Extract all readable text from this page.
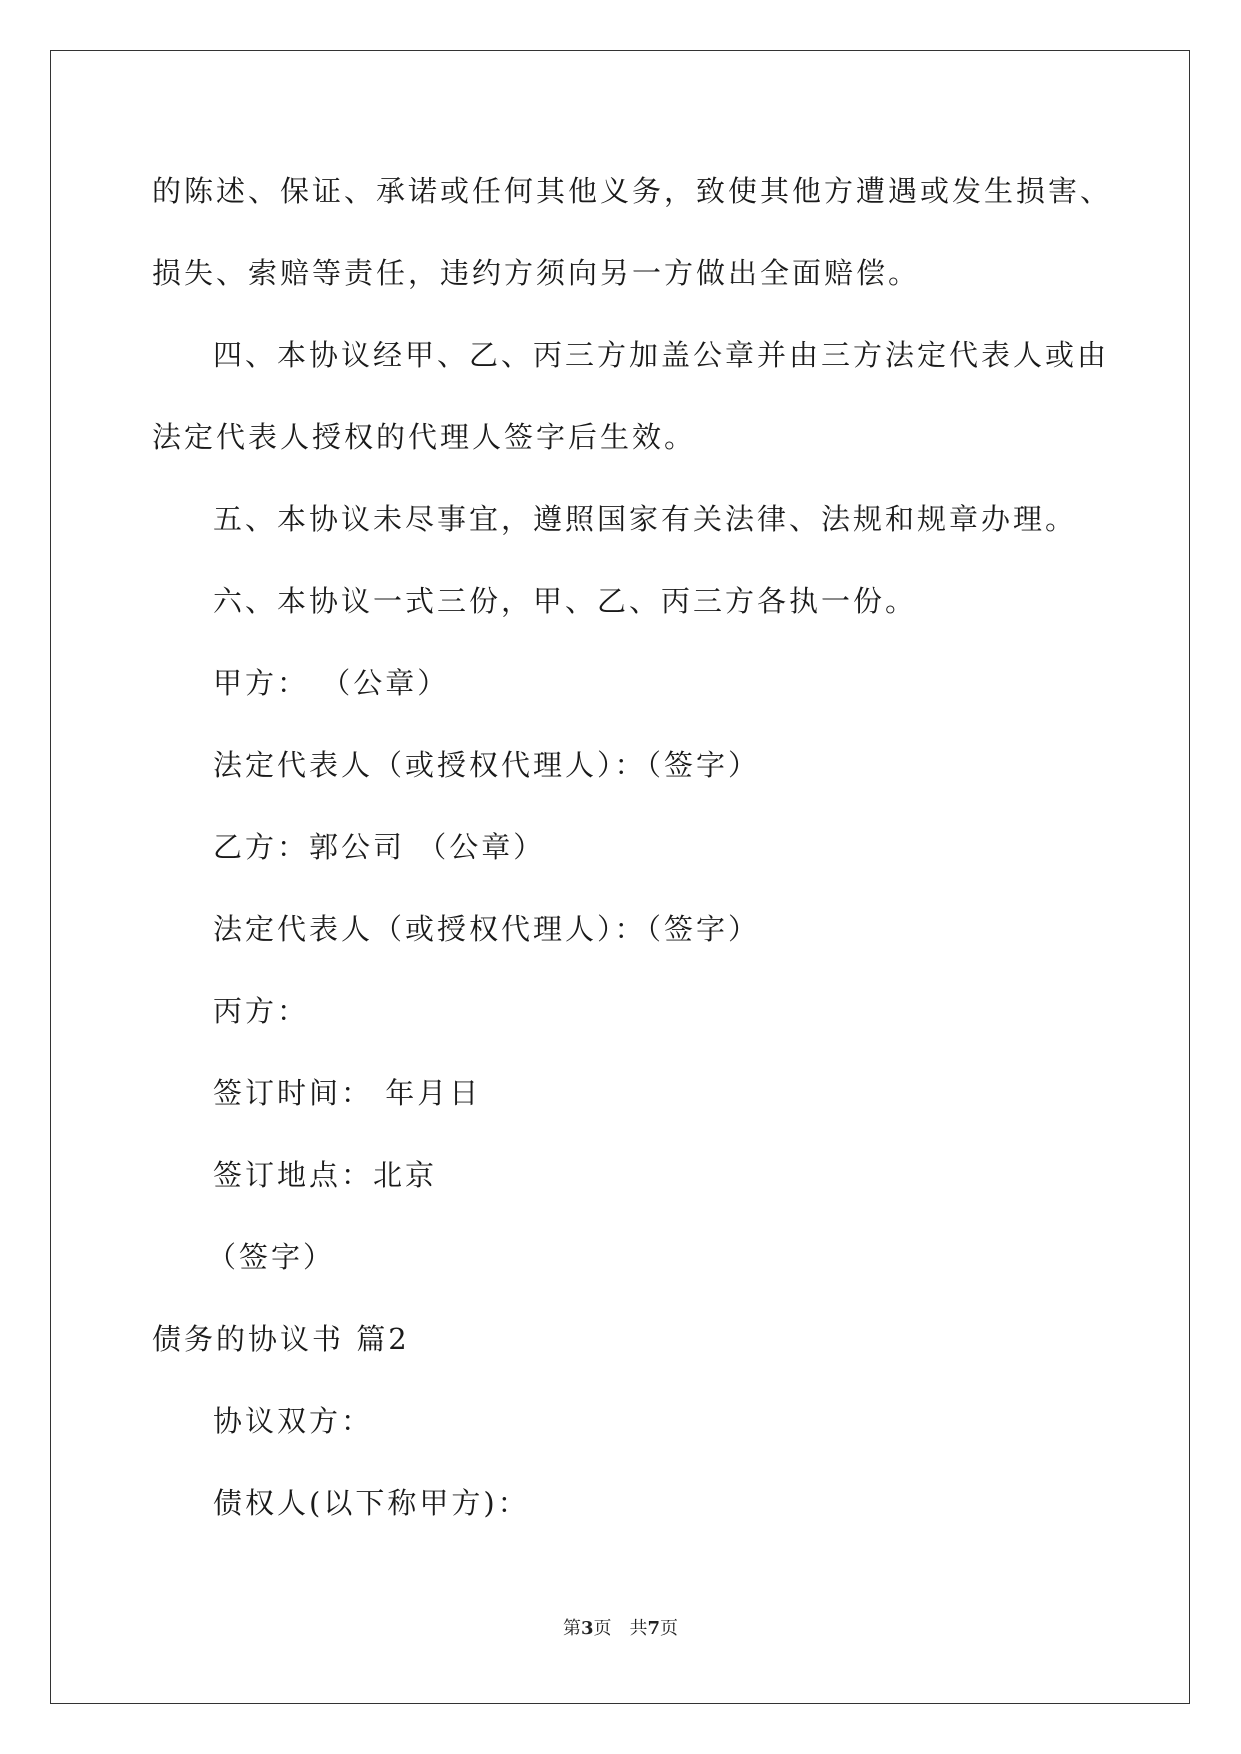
的陈述、保证、承诺或任何其他义务，致使其他方遭遇或发生损害、
损失、索赔等责任，违约方须向另一方做出全面赔偿。
四、本协议经甲、乙、丙三方加盖公章并由三方法定代表人或由
法定代表人授权的代理人签字后生效。
五、本协议未尽事宜，遵照国家有关法律、法规和规章办理。
六、本协议一式三份，甲、乙、丙三方各执一份。
甲方： （公章）
法定代表人（或授权代理人）：（签字）
乙方：郭公司 （公章）
法定代表人（或授权代理人）：（签字）
丙方：
签订时间： 年月日
签订地点：北京
（签字）
债务的协议书 篇2
协议双方：
债权人(以下称甲方)：
第3页 共7页
